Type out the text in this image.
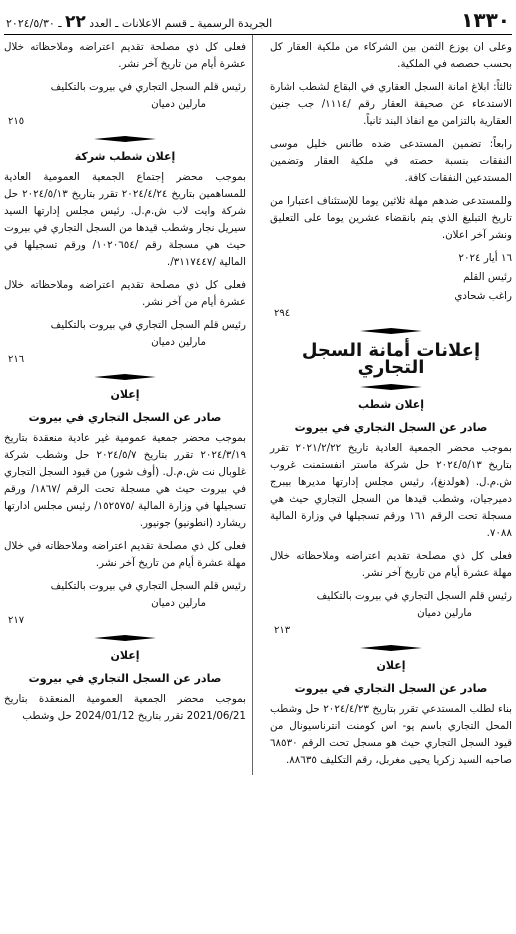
١٣٣٠
الجريدة الرسمية ـ قسم الاعلانات ـ العدد ٢٢ ـ ٢٠٢٤/٥/٣٠

وعلى ان يوزع الثمن بين الشركاء من ملكية العقار كل بحسب حصصه في الملكية.

ثالثاً: ابلاغ امانة السجل العقاري في البقاع لشطب اشارة الاستدعاء عن صحيفة العقار رقم /١١١٤/ جب جنين العقارية بالتزامن مع انفاذ البند ثانياً.

رابعاً: تضمين المستدعى ضده طانس خليل موسى النفقات بنسبة حصته في ملكية العقار وتضمين المستدعين النفقات كافة.

وللمستدعى ضدهم مهلة ثلاثين يوما للإستئناف اعتبارا من تاريخ التبليغ الذي يتم بانقضاء عشرين يوما على التعليق ونشر آخر اعلان.

١٦ أيار ٢٠٢٤

رئيس القلم

راغب شحادي

٢٩٤

إعلانات أمانة السجل التجاري

إعلان شطب

صادر عن السجل التجاري في بيروت

بموجب محضر الجمعية العادية تاريخ ٢٠٢١/٢/٢٢ تقرر بتاريخ ٢٠٢٤/٥/١٣ حل شركة ماستر انفستمنت غروب ش.م.ل. (هولدنغ)، رئيس مجلس إدارتها مديرها بيبرج دميرجيان، وشطب قيدها من السجل التجاري حيث هي مسجلة تحت الرقم ١٦١ ورقم تسجيلها في وزارة المالية ٧٠٨٨.

فعلى كل ذي مصلحة تقديم اعتراضه وملاحظاته خلال مهلة عشرة أيام من تاريخ آخر نشر.

رئيس قلم السجل التجاري في بيروت بالتكليف

مارلين دميان

٢١٣

إعلان

صادر عن السجل التجاري في بيروت

بناء لطلب المستدعي تقرر بتاريخ ٢٠٢٤/٤/٢٣ حل وشطب المحل التجاري باسم يو- اس كومنت انترناسيونال من قيود السجل التجاري حيث هو مسجل تحت الرقم ٦٨٥٣٠ صاحبه السيد زكريا يحيى مغربل، رقم التكليف ٨٨٦٣٥.

فعلى كل ذي مصلحة تقديم اعتراضه وملاحظاته خلال عشرة أيام من تاريخ آخر نشر.

رئيس قلم السجل التجاري في بيروت بالتكليف

مارلين دميان

٢١٥

إعلان شطب شركة

بموجب محضر إجتماع الجمعية العمومية العادية للمساهمين بتاريخ ٢٠٢٤/٤/٢٤ تقرر بتاريخ ٢٠٢٤/٥/١٣ حل شركة وايت لاب ش.م.ل. رئيس مجلس إدارتها السيد سيريل نجار وشطب قيدها من السجل التجاري في بيروت حيث هي مسجلة رقم /١٠٢٠٦٥٤/ ورقم تسجيلها في المالية /٣١١٧٤٤٧/.

فعلى كل ذي مصلحة تقديم اعتراضه وملاحظاته خلال عشرة أيام من آخر نشر.

رئيس قلم السجل التجاري في بيروت بالتكليف

مارلين دميان

٢١٦

إعلان

صادر عن السجل التجاري في بيروت

بموجب محضر جمعية عمومية غير عادية منعقدة بتاريخ ٢٠٢٤/٣/١٩ تقرر بتاريخ ٢٠٢٤/٥/٧ حل وشطب شركة غلوبال نت ش.م.ل. (أوف شور) من قيود السجل التجاري في بيروت حيث هي مسجلة تحت الرقم /١٨٦٧/ ورقم تسجيلها في وزارة المالية /١٥٢٥٧٥/ رئيس مجلس ادارتها ريشارد (انطونيو) جونيور.

فعلى كل ذي مصلحة تقديم اعتراضه وملاحظاته في خلال مهلة عشرة أيام من تاريخ آخر نشر.

رئيس قلم السجل التجاري في بيروت بالتكليف

مارلين دميان

٢١٧

إعلان

صادر عن السجل التجاري في بيروت

بموجب محضر الجمعية العمومية المنعقدة بتاريخ 2021/06/21 تقرر بتاريخ 2024/01/12 حل وشطب
